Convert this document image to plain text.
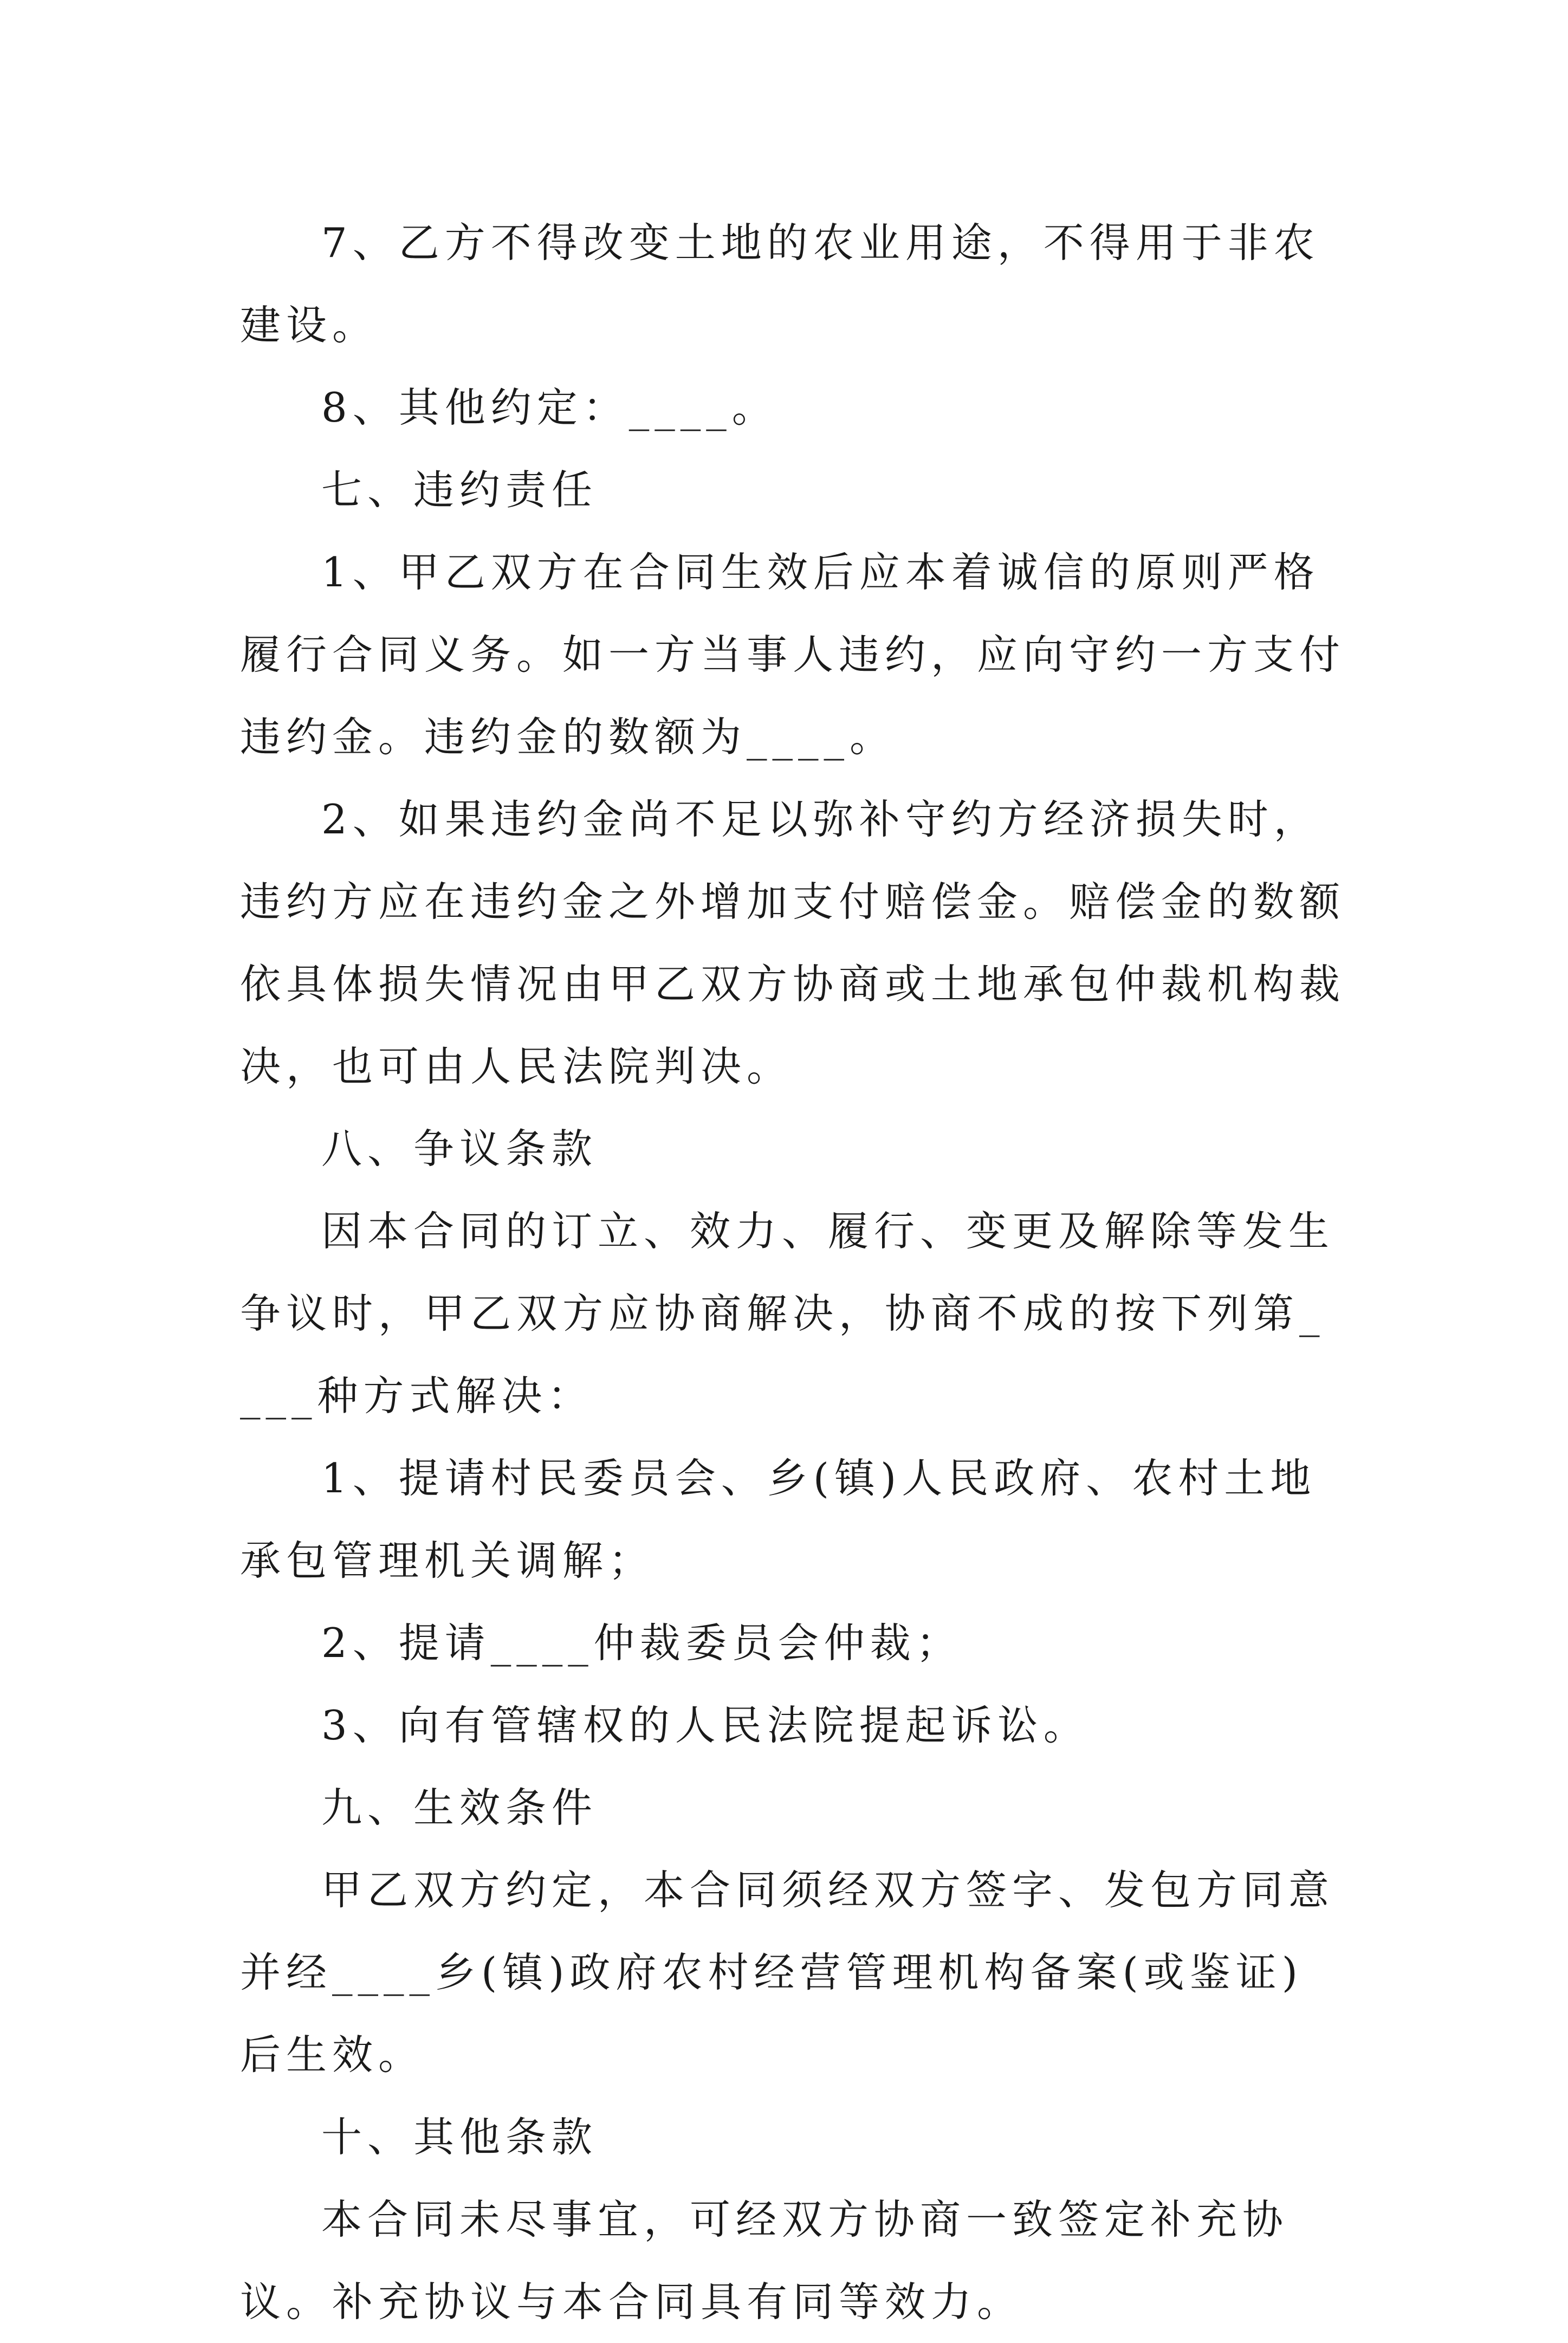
7、乙方不得改变土地的农业用途，不得用于非农建设。

8、其他约定：____。

七、违约责任

1、甲乙双方在合同生效后应本着诚信的原则严格履行合同义务。如一方当事人违约，应向守约一方支付违约金。违约金的数额为____。

2、如果违约金尚不足以弥补守约方经济损失时，违约方应在违约金之外增加支付赔偿金。赔偿金的数额依具体损失情况由甲乙双方协商或土地承包仲裁机构裁决，也可由人民法院判决。

八、争议条款

因本合同的订立、效力、履行、变更及解除等发生争议时，甲乙双方应协商解决，协商不成的按下列第____种方式解决：

1、提请村民委员会、乡(镇)人民政府、农村土地承包管理机关调解；

2、提请____仲裁委员会仲裁；

3、向有管辖权的人民法院提起诉讼。

九、生效条件

甲乙双方约定，本合同须经双方签字、发包方同意并经____乡(镇)政府农村经营管理机构备案(或鉴证)后生效。

十、其他条款

本合同未尽事宜，可经双方协商一致签定补充协议。补充协议与本合同具有同等效力。
